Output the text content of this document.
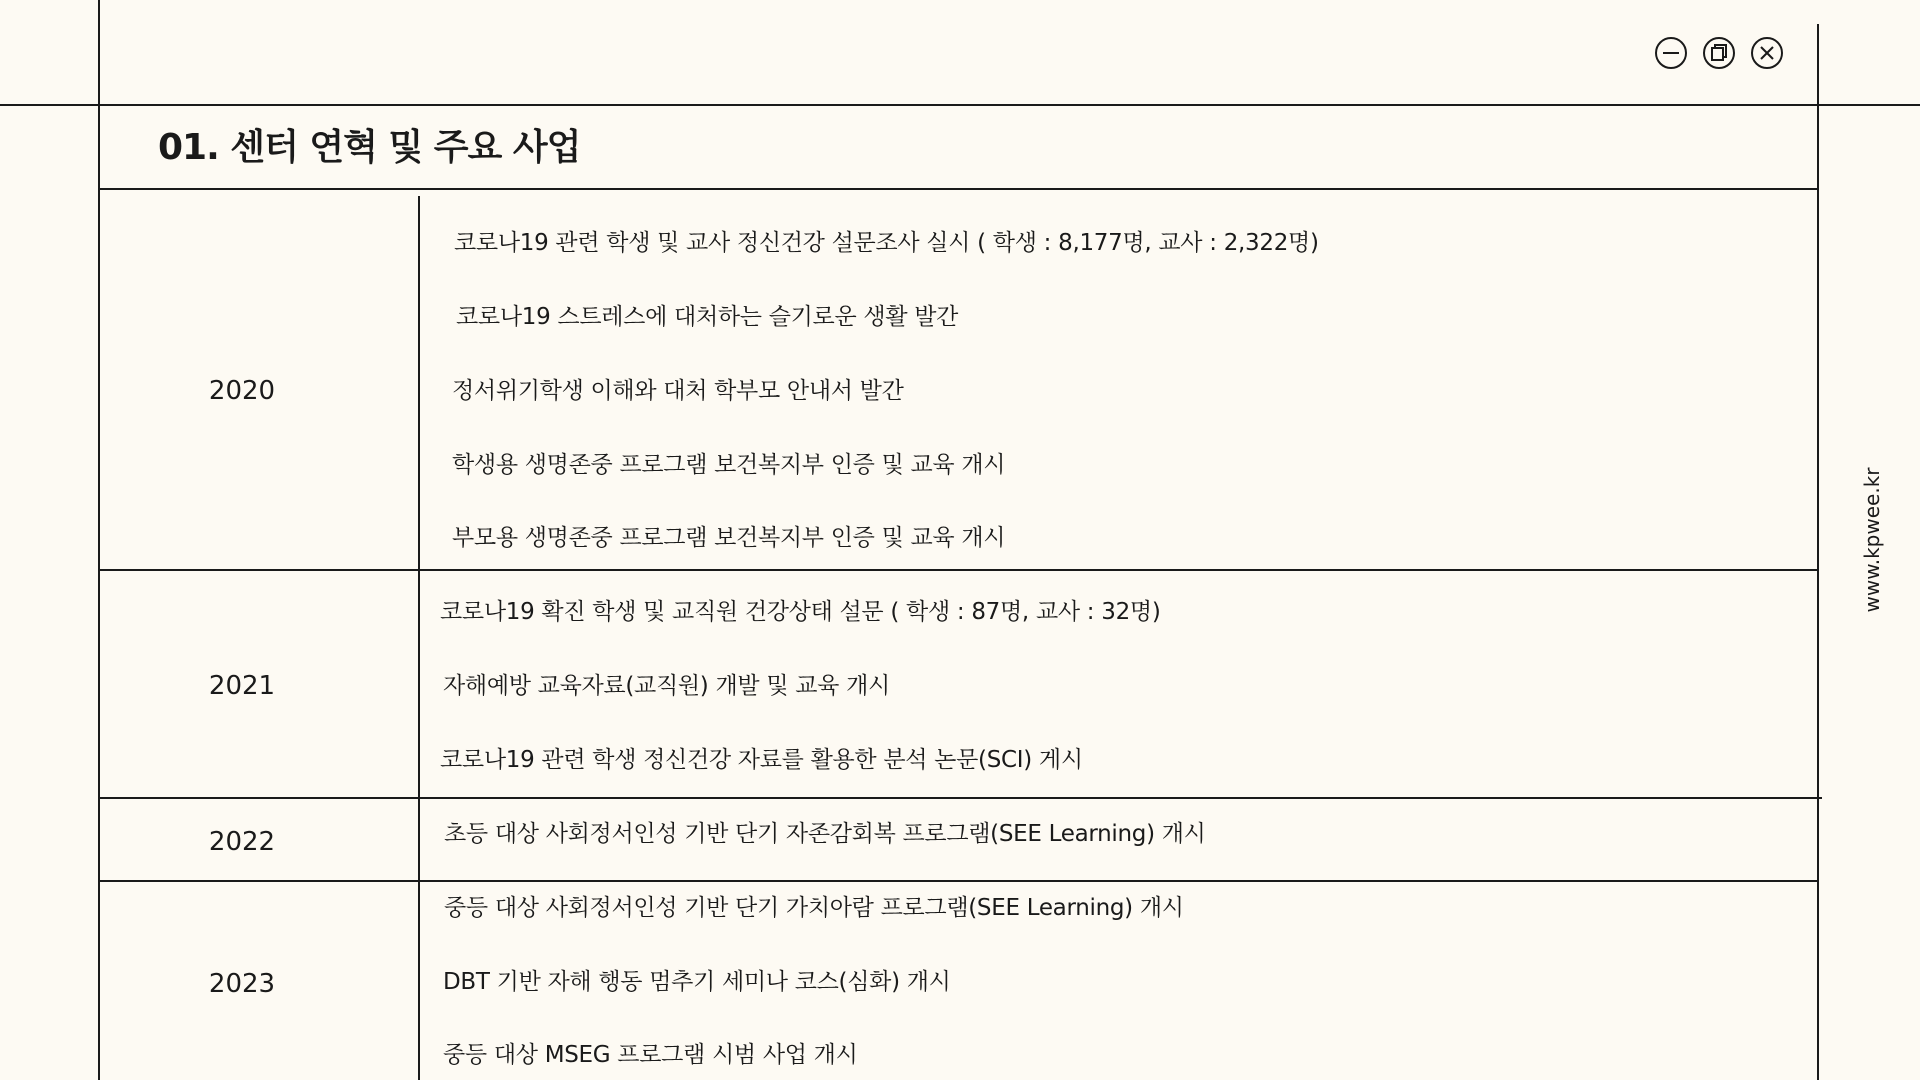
01. 센터 연혁 및 주요 사업
2020
코로나19 관련 학생 및 교사 정신건강 설문조사 실시 ( 학생 : 8,177명, 교사 : 2,322명)
코로나19 스트레스에 대처하는 슬기로운 생활 발간
정서위기학생 이해와 대처 학부모 안내서 발간
학생용 생명존중 프로그램 보건복지부 인증 및 교육 개시
부모용 생명존중 프로그램 보건복지부 인증 및 교육 개시
2021
코로나19 확진 학생 및 교직원 건강상태 설문 ( 학생 : 87명, 교사 : 32명)
자해예방 교육자료(교직원) 개발 및 교육 개시
코로나19 관련 학생 정신건강 자료를 활용한 분석 논문(SCI) 게시
2022	초등 대상 사회정서인성 기반 단기 자존감회복 프로그램(SEE Learning) 개시
2023
중등 대상 사회정서인성 기반 단기 가치아람 프로그램(SEE Learning) 개시
DBT 기반 자해 행동 멈추기 세미나 코스(심화) 개시
중등 대상 MSEG 프로그램 시범 사업 개시
www.kpwee.kr
